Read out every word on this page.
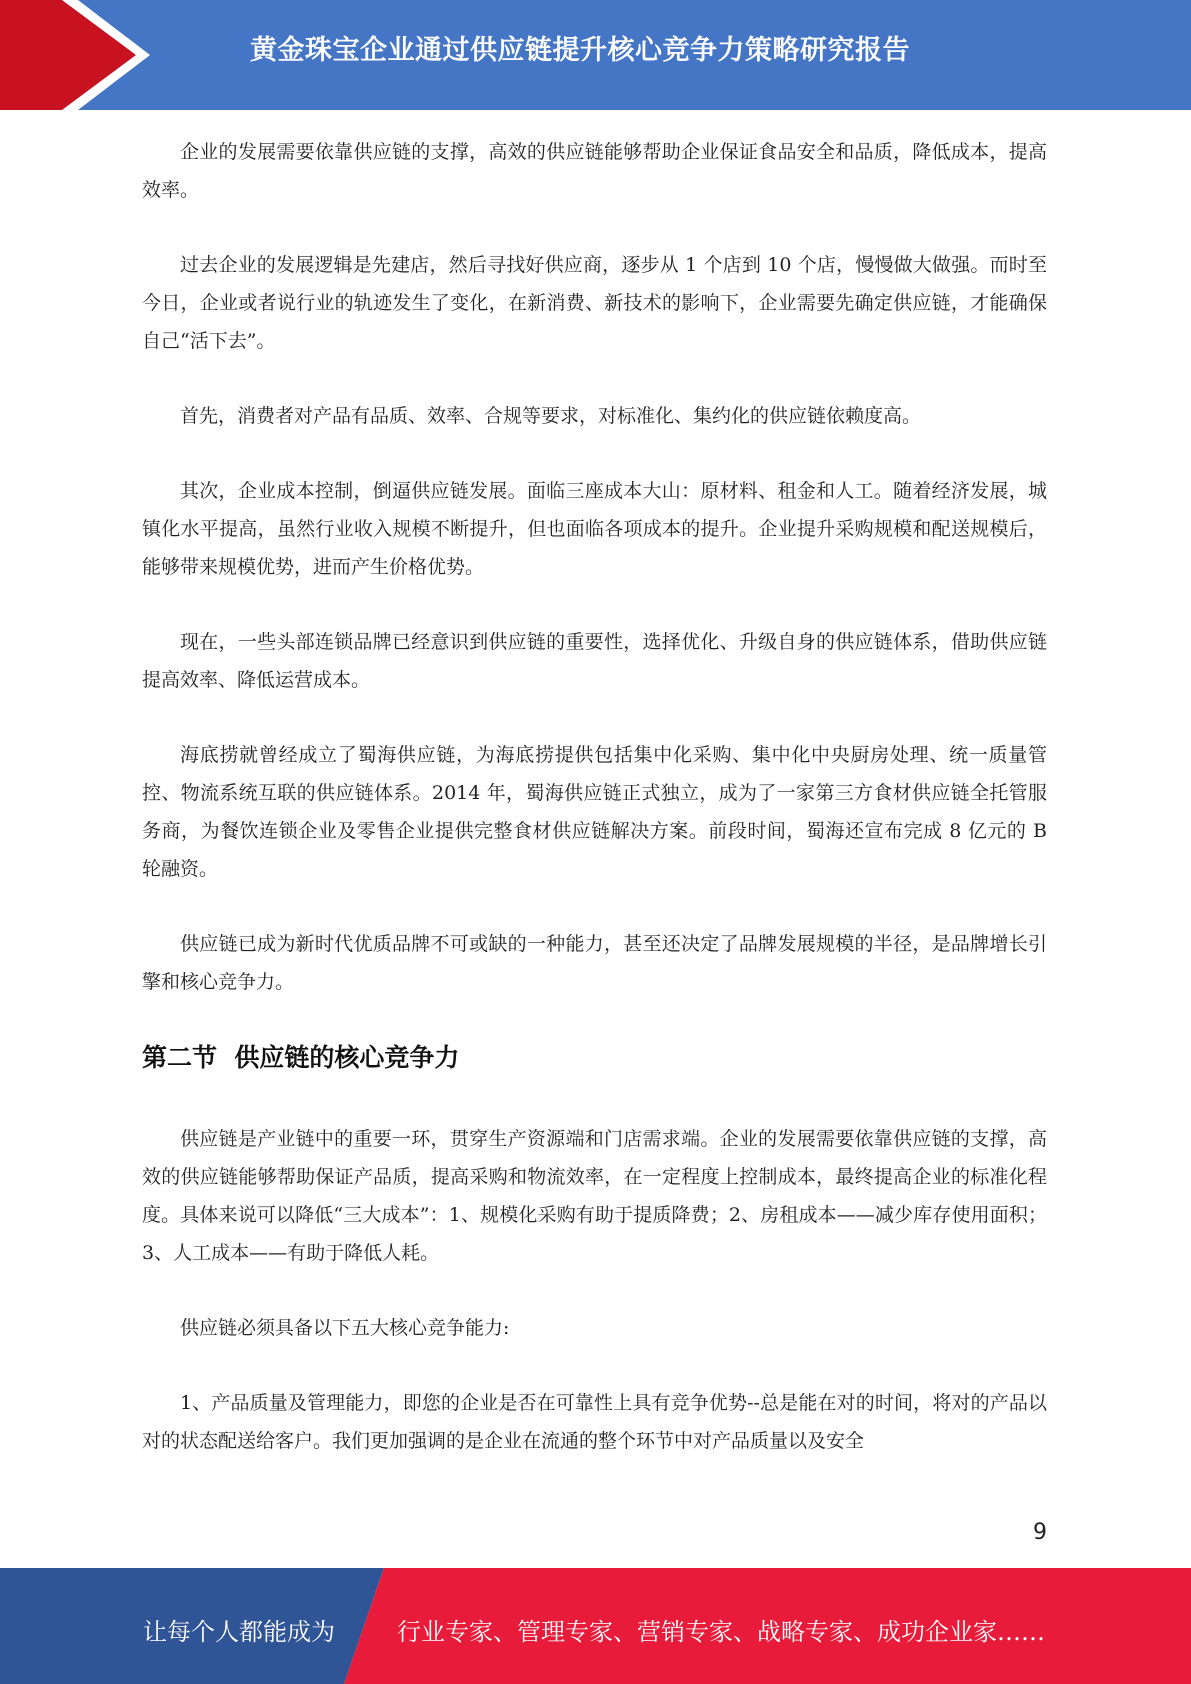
黄金珠宝企业通过供应链提升核心竞争力策略研究报告

企业的发展需要依靠供应链的支撑，高效的供应链能够帮助企业保证食品安全和品质，降低成本，提高效率。

过去企业的发展逻辑是先建店，然后寻找好供应商，逐步从 1 个店到 10 个店，慢慢做大做强。而时至今日，企业或者说行业的轨迹发生了变化，在新消费、新技术的影响下，企业需要先确定供应链，才能确保自己“活下去”。

首先，消费者对产品有品质、效率、合规等要求，对标准化、集约化的供应链依赖度高。

其次，企业成本控制，倒逼供应链发展。面临三座成本大山：原材料、租金和人工。随着经济发展，城镇化水平提高，虽然行业收入规模不断提升，但也面临各项成本的提升。企业提升采购规模和配送规模后，能够带来规模优势，进而产生价格优势。

现在，一些头部连锁品牌已经意识到供应链的重要性，选择优化、升级自身的供应链体系，借助供应链提高效率、降低运营成本。

海底捞就曾经成立了蜀海供应链，为海底捞提供包括集中化采购、集中化中央厨房处理、统一质量管控、物流系统互联的供应链体系。2014 年，蜀海供应链正式独立，成为了一家第三方食材供应链全托管服务商，为餐饮连锁企业及零售企业提供完整食材供应链解决方案。前段时间，蜀海还宣布完成 8 亿元的 B 轮融资。

供应链已成为新时代优质品牌不可或缺的一种能力，甚至还决定了品牌发展规模的半径，是品牌增长引擎和核心竞争力。

第二节  供应链的核心竞争力

供应链是产业链中的重要一环，贯穿生产资源端和门店需求端。企业的发展需要依靠供应链的支撑，高效的供应链能够帮助保证产品质，提高采购和物流效率，在一定程度上控制成本，最终提高企业的标准化程度。具体来说可以降低“三大成本”：1、规模化采购有助于提质降费；2、房租成本——减少库存使用面积；3、人工成本——有助于降低人耗。

供应链必须具备以下五大核心竞争能力:

1、产品质量及管理能力，即您的企业是否在可靠性上具有竞争优势--总是能在对的时间，将对的产品以对的状态配送给客户。我们更加强调的是企业在流通的整个环节中对产品质量以及安全

9
让每个人都能成为	行业专家、管理专家、营销专家、战略专家、成功企业家……
